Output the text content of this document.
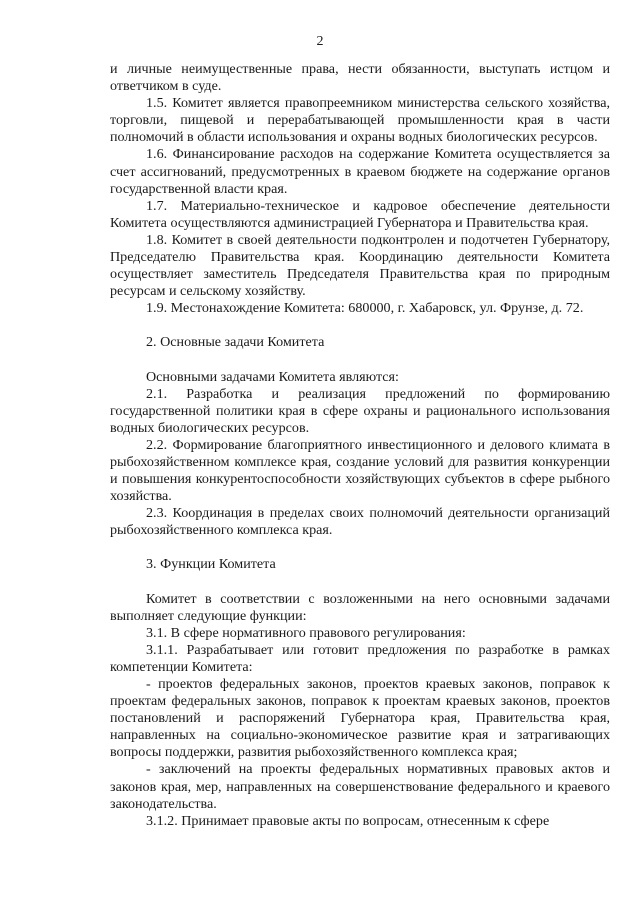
2

и личные неимущественные права, нести обязанности, выступать истцом и ответчиком в суде.

1.5. Комитет является правопреемником министерства сельского хозяйства, торговли, пищевой и перерабатывающей промышленности края в части полномочий в области использования и охраны водных биологических ресурсов.

1.6. Финансирование расходов на содержание Комитета осуществляется за счет ассигнований, предусмотренных в краевом бюджете на содержание органов государственной власти края.

1.7. Материально-техническое и кадровое обеспечение деятельности Комитета осуществляются администрацией Губернатора и Правительства края.

1.8. Комитет в своей деятельности подконтролен и подотчетен Губернатору, Председателю Правительства края. Координацию деятельности Комитета осуществляет заместитель Председателя Правительства края по природным ресурсам и сельскому хозяйству.

1.9. Местонахождение Комитета: 680000, г. Хабаровск, ул. Фрунзе, д. 72.

2. Основные задачи Комитета

Основными задачами Комитета являются:

2.1. Разработка и реализация предложений по формированию государственной политики края в сфере охраны и рационального использования водных биологических ресурсов.

2.2. Формирование благоприятного инвестиционного и делового климата в рыбохозяйственном комплексе края, создание условий для развития конкуренции и повышения конкурентоспособности хозяйствующих субъектов в сфере рыбного хозяйства.

2.3. Координация в пределах своих полномочий деятельности организаций рыбохозяйственного комплекса края.

3. Функции Комитета

Комитет в соответствии с возложенными на него основными задачами выполняет следующие функции:

3.1. В сфере нормативного правового регулирования:

3.1.1. Разрабатывает или готовит предложения по разработке в рамках компетенции Комитета:

- проектов федеральных законов, проектов краевых законов, поправок к проектам федеральных законов, поправок к проектам краевых законов, проектов постановлений и распоряжений Губернатора края, Правительства края, направленных на социально-экономическое развитие края и затрагивающих вопросы поддержки, развития рыбохозяйственного комплекса края;

- заключений на проекты федеральных нормативных правовых актов и законов края, мер, направленных на совершенствование федерального и краевого законодательства.

3.1.2. Принимает правовые акты по вопросам, отнесенным к сфере
